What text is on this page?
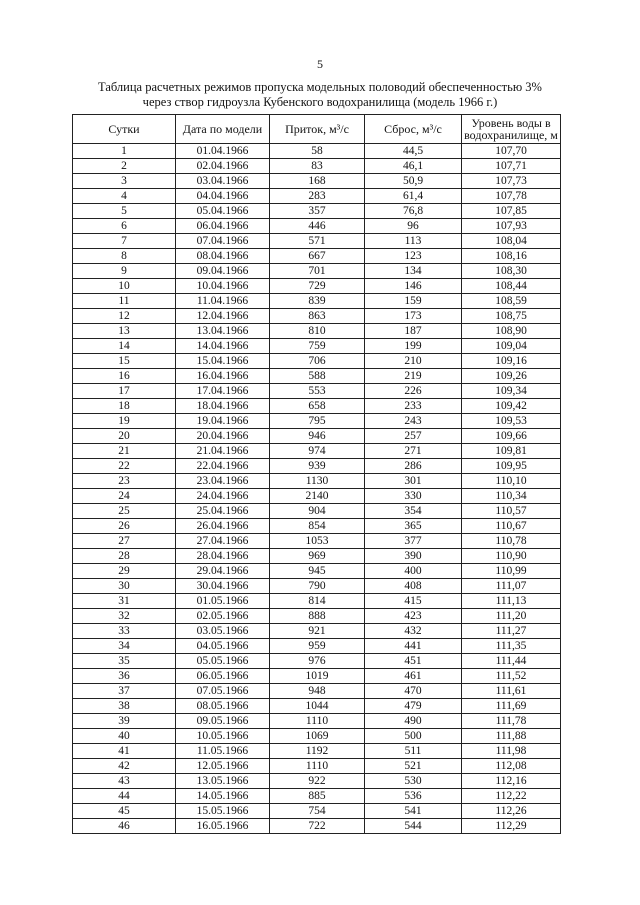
5
Таблица расчетных режимов пропуска модельных половодий обеспеченностью 3%
через створ гидроузла Кубенского водохранилища (модель 1966 г.)
Сутки	Дата по модели	Приток, м³/с	Сброс, м³/с	Уровень воды в водохранилище, м
1	01.04.1966	58	44,5	107,70
2	02.04.1966	83	46,1	107,71
3	03.04.1966	168	50,9	107,73
4	04.04.1966	283	61,4	107,78
5	05.04.1966	357	76,8	107,85
6	06.04.1966	446	96	107,93
7	07.04.1966	571	113	108,04
8	08.04.1966	667	123	108,16
9	09.04.1966	701	134	108,30
10	10.04.1966	729	146	108,44
11	11.04.1966	839	159	108,59
12	12.04.1966	863	173	108,75
13	13.04.1966	810	187	108,90
14	14.04.1966	759	199	109,04
15	15.04.1966	706	210	109,16
16	16.04.1966	588	219	109,26
17	17.04.1966	553	226	109,34
18	18.04.1966	658	233	109,42
19	19.04.1966	795	243	109,53
20	20.04.1966	946	257	109,66
21	21.04.1966	974	271	109,81
22	22.04.1966	939	286	109,95
23	23.04.1966	1130	301	110,10
24	24.04.1966	2140	330	110,34
25	25.04.1966	904	354	110,57
26	26.04.1966	854	365	110,67
27	27.04.1966	1053	377	110,78
28	28.04.1966	969	390	110,90
29	29.04.1966	945	400	110,99
30	30.04.1966	790	408	111,07
31	01.05.1966	814	415	111,13
32	02.05.1966	888	423	111,20
33	03.05.1966	921	432	111,27
34	04.05.1966	959	441	111,35
35	05.05.1966	976	451	111,44
36	06.05.1966	1019	461	111,52
37	07.05.1966	948	470	111,61
38	08.05.1966	1044	479	111,69
39	09.05.1966	1110	490	111,78
40	10.05.1966	1069	500	111,88
41	11.05.1966	1192	511	111,98
42	12.05.1966	1110	521	112,08
43	13.05.1966	922	530	112,16
44	14.05.1966	885	536	112,22
45	15.05.1966	754	541	112,26
46	16.05.1966	722	544	112,29
